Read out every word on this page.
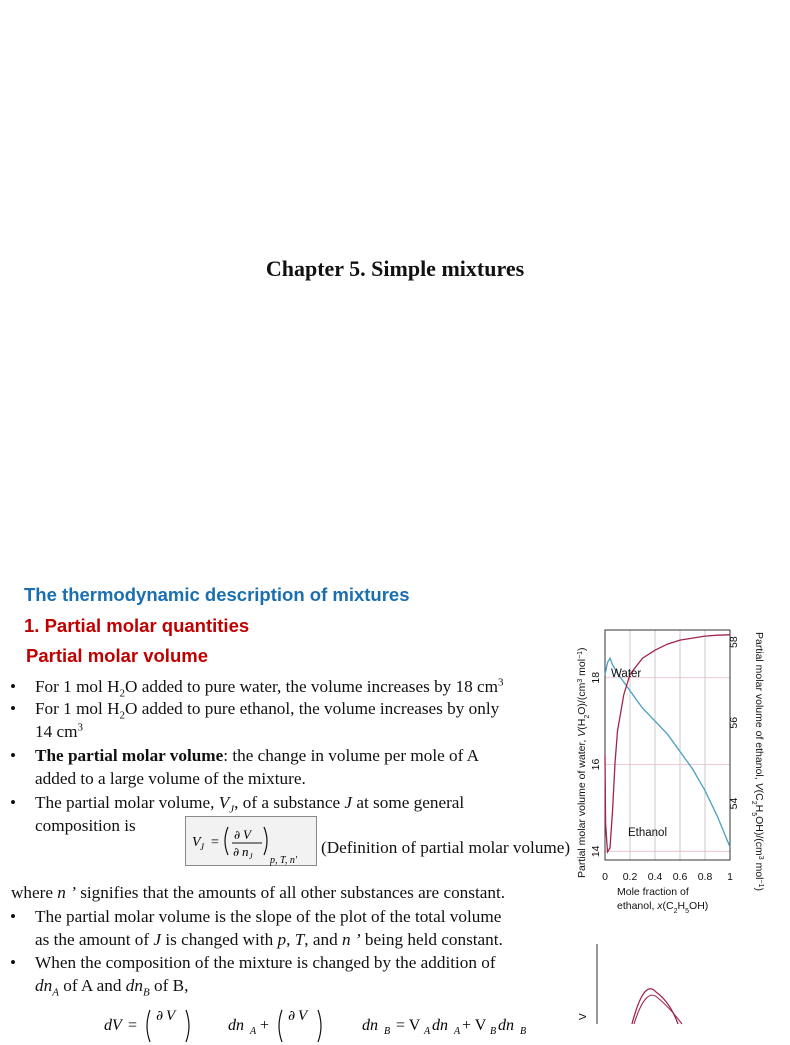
Chapter 5. Simple mixtures
The thermodynamic description of mixtures
1. Partial molar quantities
Partial molar volume
• For 1 mol $H_2O$ added to pure water, the volume increases by 18 $cm^3$
• For 1 mol $H_2O$ added to pure ethanol, the volume increases by only
14 $cm^3$
• The partial molar volume: the change in volume per mole of A
added to a large volume of the mixture.
• The partial molar volume, $V_J$, of a substance J at some general
composition is
V J = ∂ V
∂ n J p, T, n′
(Definition of partial molar volume)
where n ’ signifies that the amounts of all other substances are constant.
• The partial molar volume is the slope of the plot of the total volume
as the amount of J is changed with p, T, and n ’ being held constant.
• When the composition of the mixture is changed by the addition of
$dn_A$ of A and $dn_B$ of B,
dV =
∂ V
dn A +
∂ V
dn B = V A dn A + V B dn B
0 0.2 0.4 0.6 0.8 1
14
16
18
54
56
58
Water
Ethanol
Mole fraction of
ethanol, $x(C_2H_5OH)$
Partial molar volume of water, $V(H_2O)/(cm^3$ mol$^{-1}$)	Partial molar volume of ethanol, $V(C_2H_5OH)/(cm^3$ mol$^{-1}$)
V
